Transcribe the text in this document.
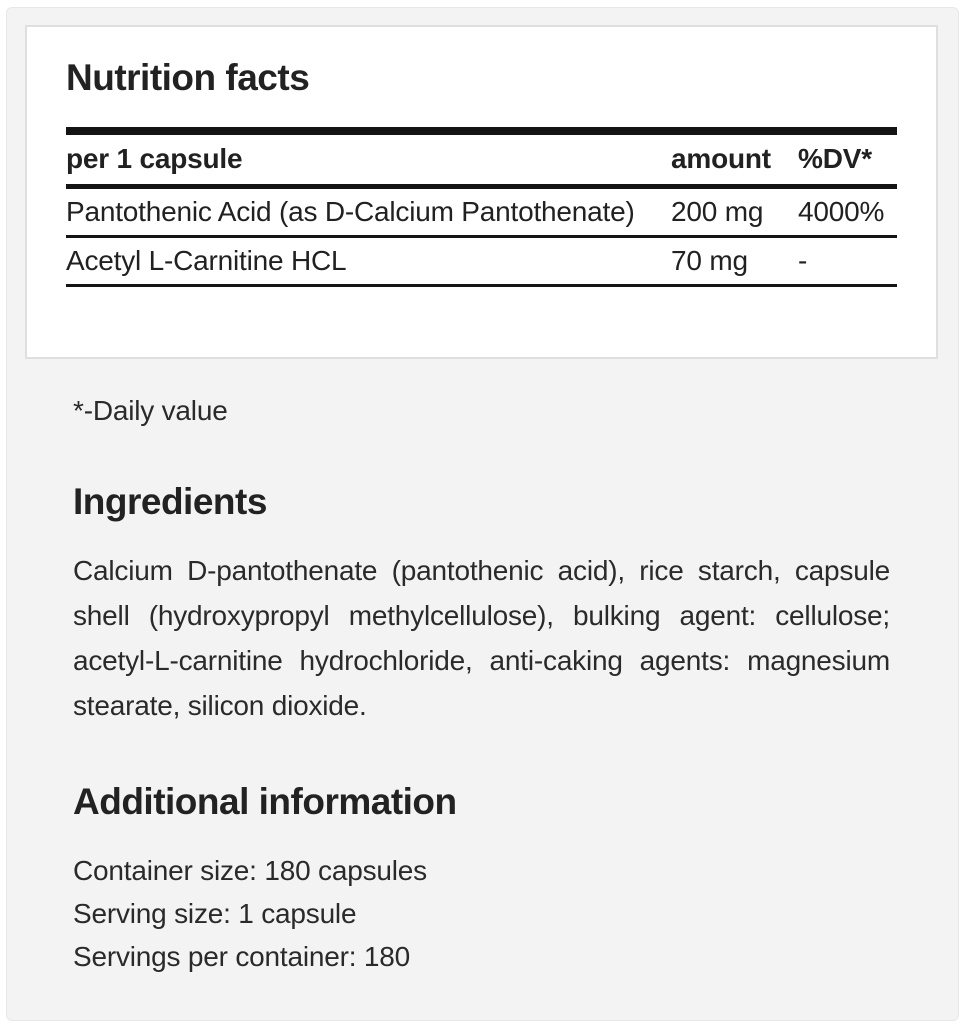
Nutrition facts
per 1 capsule	amount	%DV*
Pantothenic Acid (as D-Calcium Pantothenate)	200 mg	4000%
Acetyl L-Carnitine HCL	70 mg	-

*-Daily value

Ingredients

Calcium D-pantothenate (pantothenic acid), rice starch, capsule shell (hydroxypropyl methylcellulose), bulking agent: cellulose; acetyl-L-carnitine hydrochloride, anti-caking agents: magnesium stearate, silicon dioxide.

Additional information

Container size: 180 capsules

Serving size: 1 capsule

Servings per container: 180
